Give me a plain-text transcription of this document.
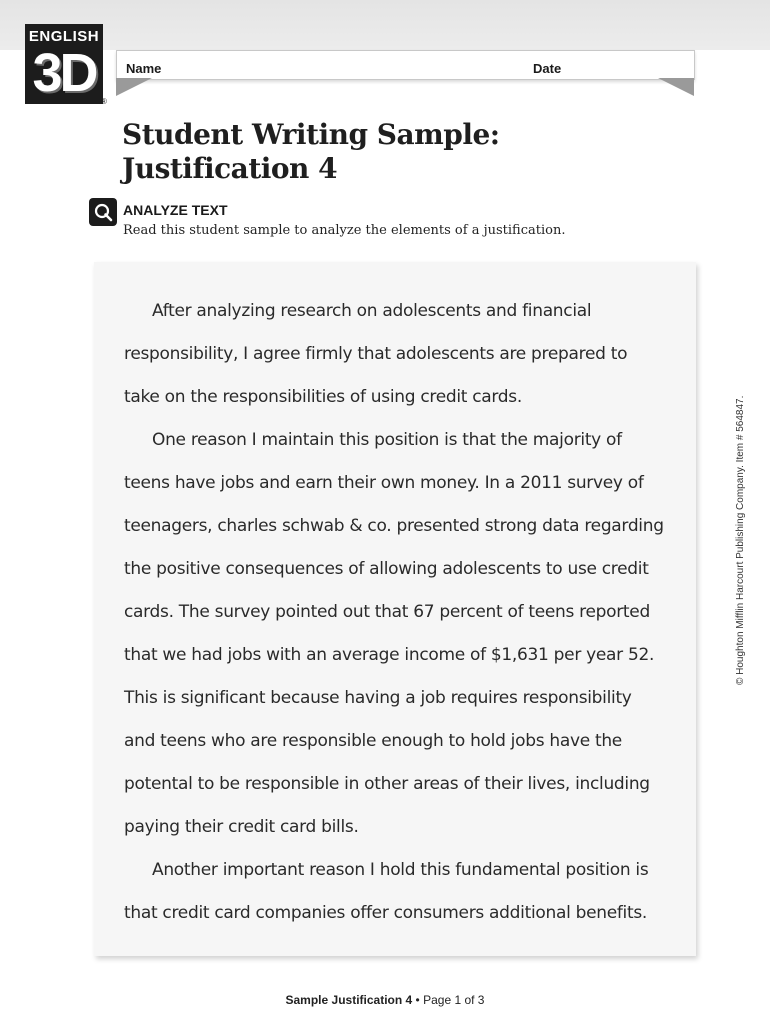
ENGLISH
3D ®
Name	Date
Student Writing Sample:
Justification 4
ANALYZE TEXT
Read this student sample to analyze the elements of a justification.

After analyzing research on adolescents and financial responsibility, I agree firmly that adolescents are prepared to take on the responsibilities of using credit cards.

One reason I maintain this position is that the majority of teens have jobs and earn their own money. In a 2011 survey of teenagers, charles schwab & co. presented strong data regarding the positive consequences of allowing adolescents to use credit cards. The survey pointed out that 67 percent of teens reported that we had jobs with an average income of $1,631 per year 52. This is significant because having a job requires responsibility and teens who are responsible enough to hold jobs have the potental to be responsible in other areas of their lives, including paying their credit card bills.

Another important reason I hold this fundamental position is that credit card companies offer consumers additional benefits.

© Houghton Mifflin Harcourt Publishing Company. Item # 564847.
Sample Justification 4 • Page 1 of 3
